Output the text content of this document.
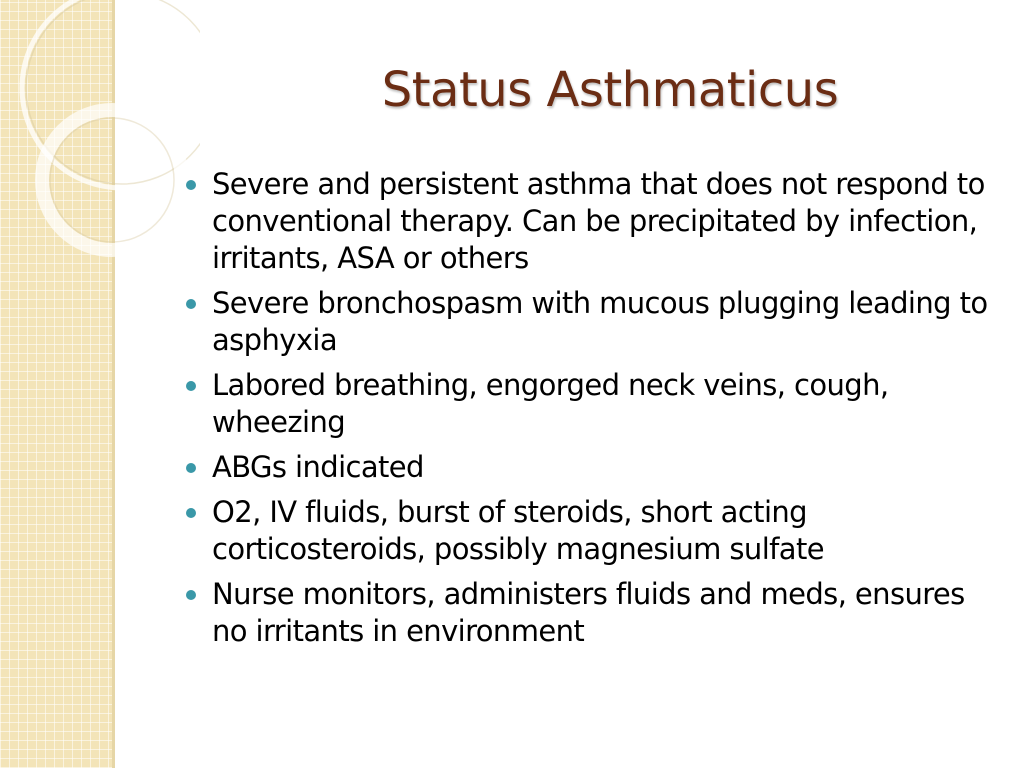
Status Asthmaticus
Severe and persistent asthma that does not respond to conventional therapy. Can be precipitated by infection, irritants, ASA or others
Severe bronchospasm with mucous plugging leading to asphyxia
Labored breathing, engorged neck veins, cough, wheezing
ABGs indicated
O2, IV fluids, burst of steroids, short acting corticosteroids, possibly magnesium sulfate
Nurse monitors, administers fluids and meds, ensures no irritants in environment
